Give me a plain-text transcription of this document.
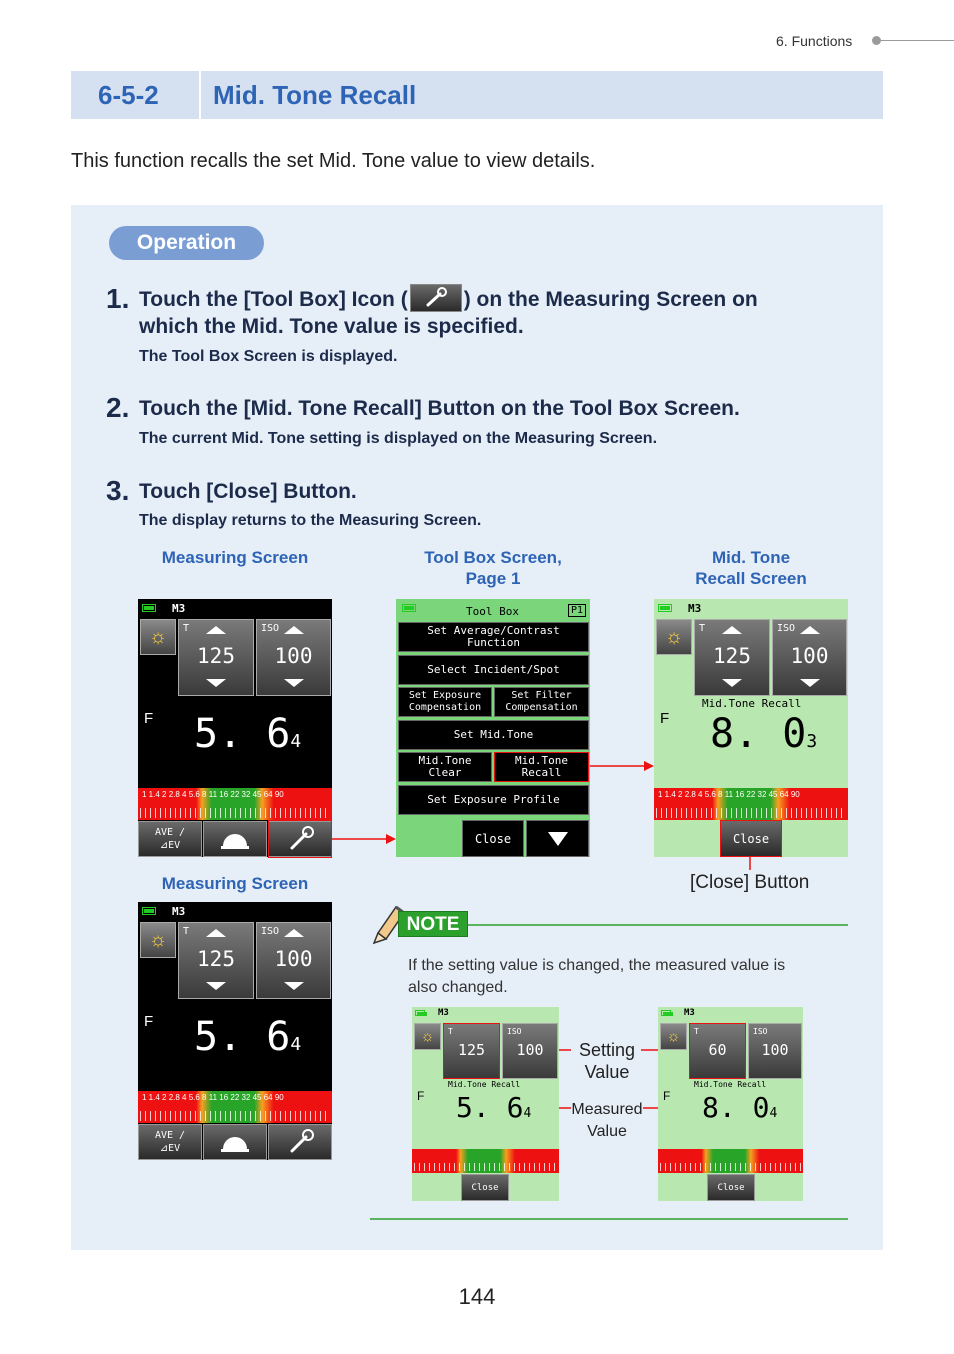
6. Functions
6-5-2 Mid. Tone Recall
This function recalls the set Mid. Tone value to view details.
Operation
1. Touch the [Tool Box] Icon (	) on the Measuring Screen on
which the Mid. Tone value is specified.
The Tool Box Screen is displayed.
2. Touch the [Mid. Tone Recall] Button on the Tool Box Screen.
The current Mid. Tone setting is displayed on the Measuring Screen.
3. Touch [Close] Button.
The display returns to the Measuring Screen.
Measuring Screen	Tool Box Screen,
Page 1
Mid. Tone
Recall Screen
M3
☼	T
125
ISO
100
F 5. 64
1 1.4 2 2.8 4 5.6 8 11 16 22 32 45 64 90
AVE /
⊿EV
Tool Box	P1
Set Average/Contrast Function
Select Incident/Spot
Set Exposure Compensation
Set Filter Compensation
Set Mid.Tone
Mid.Tone Clear
Mid.Tone Recall
Set Exposure Profile
Close
M3
☼	T
125
ISO
100
Mid.Tone Recall
F 8. 03
1 1.4 2 2.8 4 5.6 8 11 16 22 32 45 64 90
Close
[Close] Button
Measuring Screen
M3
☼	T
125
ISO
100
F 5. 64
1 1.4 2 2.8 4 5.6 8 11 16 22 32 45 64 90
AVE /
⊿EV
NOTE
If the setting value is changed, the measured value is also changed.
M3
☼	T
125
ISO
100
Mid.Tone Recall
F 5. 64
Close
M3
☼	T
60
ISO
100
Mid.Tone Recall
F 8. 04
Close
Setting
Value
Measured
Value
144
